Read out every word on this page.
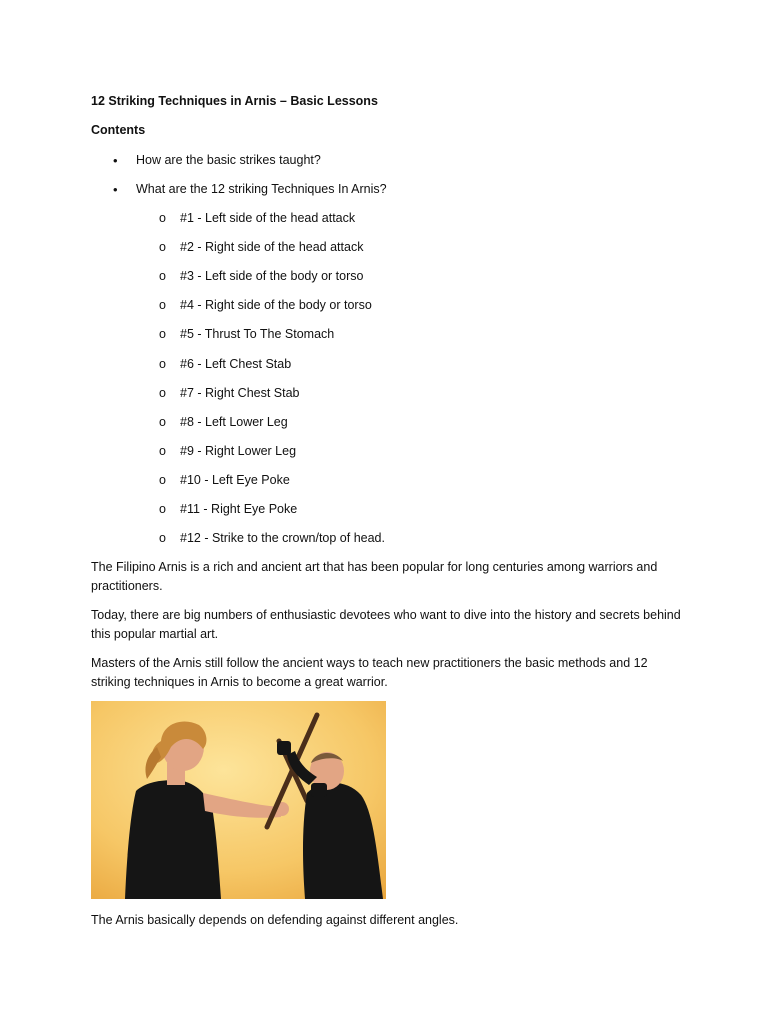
12 Striking Techniques in Arnis – Basic Lessons
Contents
• How are the basic strikes taught?
• What are the 12 striking Techniques In Arnis?
o #1 - Left side of the head attack
o #2 - Right side of the head attack
o #3 - Left side of the body or torso
o #4 - Right side of the body or torso
o #5 - Thrust To The Stomach
o #6 - Left Chest Stab
o #7 - Right Chest Stab
o #8 - Left Lower Leg
o #9 - Right Lower Leg
o #10 - Left Eye Poke
o #11 - Right Eye Poke
o #12 - Strike to the crown/top of head.
The Filipino Arnis is a rich and ancient art that has been popular for long centuries among warriors and practitioners.
Today, there are big numbers of enthusiastic devotees who want to dive into the history and secrets behind this popular martial art.
Masters of the Arnis still follow the ancient ways to teach new practitioners the basic methods and 12 striking techniques in Arnis to become a great warrior.
The Arnis basically depends on defending against different angles.
